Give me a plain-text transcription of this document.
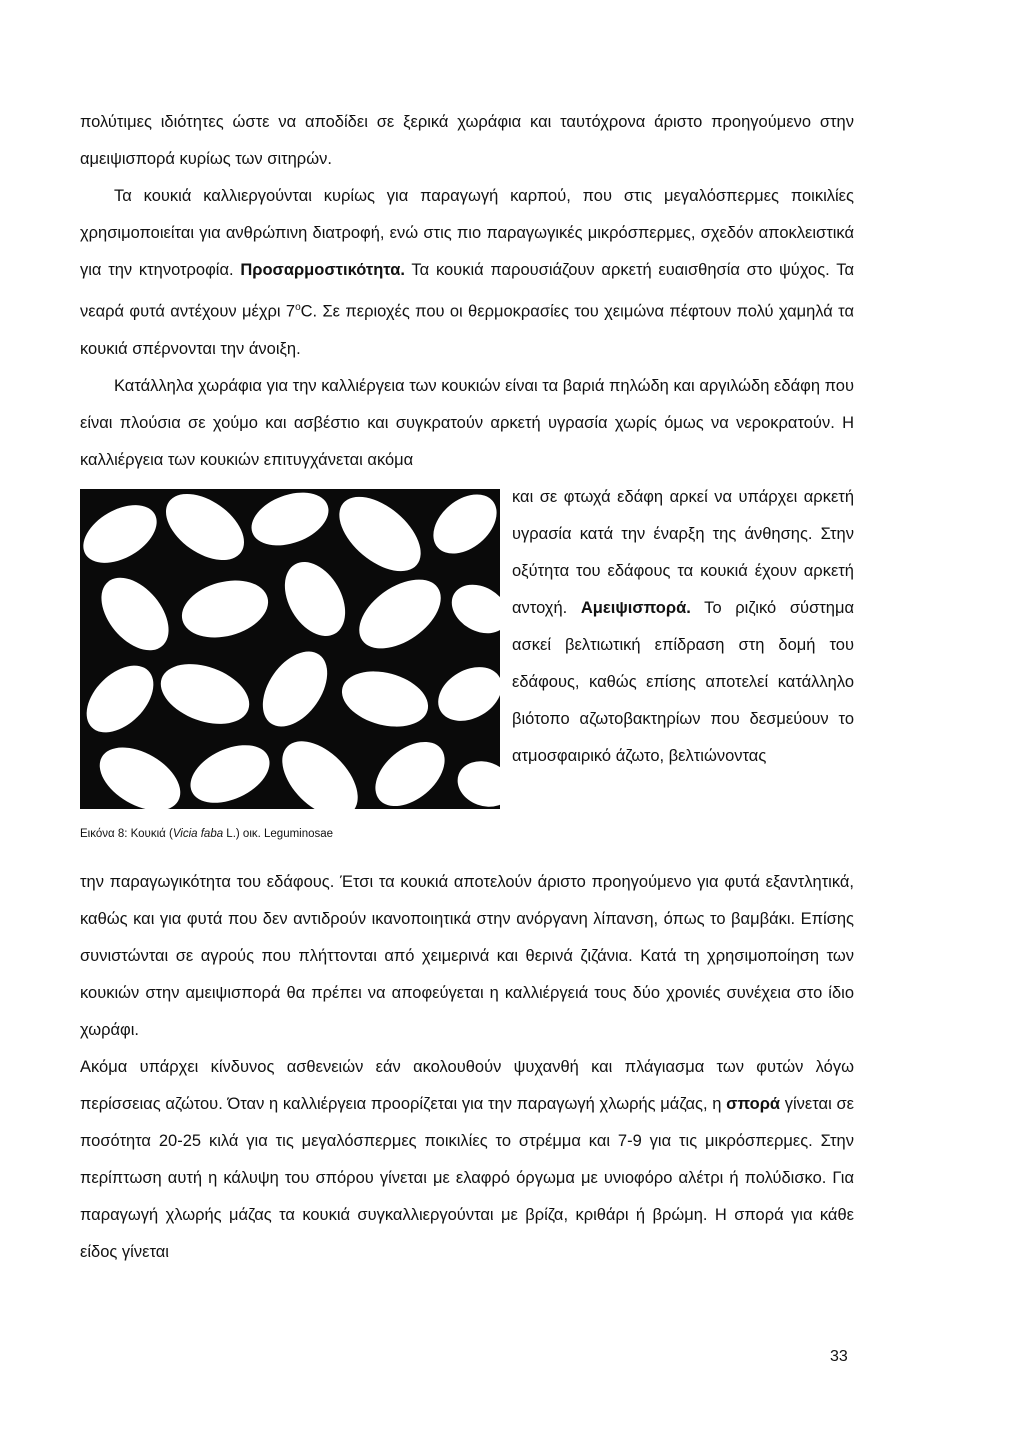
πολύτιμες ιδιότητες ώστε να αποδίδει σε ξερικά χωράφια και ταυτόχρονα άριστο προηγούμενο στην αμειψισπορά κυρίως των σιτηρών.

Τα κουκιά καλλιεργούνται κυρίως για παραγωγή καρπού, που στις μεγαλόσπερμες ποικιλίες χρησιμοποιείται για ανθρώπινη διατροφή, ενώ στις πιο παραγωγικές μικρόσπερμες, σχεδόν αποκλειστικά για την κτηνοτροφία. Προσαρμοστικότητα. Τα κουκιά παρουσιάζουν αρκετή ευαισθησία στο ψύχος. Τα νεαρά φυτά αντέχουν μέχρι 7$^o$C. Σε περιοχές που οι θερμοκρασίες του χειμώνα πέφτουν πολύ χαμηλά τα κουκιά σπέρνονται την άνοιξη.

Κατάλληλα χωράφια για την καλλιέργεια των κουκιών είναι τα βαριά πηλώδη και αργιλώδη εδάφη που είναι πλούσια σε χούμο και ασβέστιο και συγκρατούν αρκετή υγρασία χωρίς όμως να νεροκρατούν. Η καλλιέργεια των κουκιών επιτυγχάνεται ακόμα

Εικόνα 8: Κουκιά (Vicia faba L.) οικ. Leguminosae

και σε φτωχά εδάφη αρκεί να υπάρχει αρκετή υγρασία κατά την έναρξη της άνθησης. Στην οξύτητα του εδάφους τα κουκιά έχουν αρκετή αντοχή. Αμειψισπορά. Το ριζικό σύστημα ασκεί βελτιωτική επίδραση στη δομή του εδάφους, καθώς επίσης αποτελεί κατάλληλο βιότοπο αζωτοβακτηρίων που δεσμεύουν το ατμοσφαιρικό άζωτο, βελτιώνοντας

την παραγωγικότητα του εδάφους. Έτσι τα κουκιά αποτελούν άριστο προηγούμενο για φυτά εξαντλητικά, καθώς και για φυτά που δεν αντιδρούν ικανοποιητικά στην ανόργανη λίπανση, όπως το βαμβάκι. Επίσης συνιστώνται σε αγρούς που πλήττονται από χειμερινά και θερινά ζιζάνια. Κατά τη χρησιμοποίηση των κουκιών στην αμειψισπορά θα πρέπει να αποφεύγεται η καλλιέργειά τους δύο χρονιές συνέχεια στο ίδιο χωράφι.

Ακόμα υπάρχει κίνδυνος ασθενειών εάν ακολουθούν ψυχανθή και πλάγιασμα των φυτών λόγω περίσσειας αζώτου. Όταν η καλλιέργεια προορίζεται για την παραγωγή χλωρής μάζας, η σπορά γίνεται σε ποσότητα 20-25 κιλά για τις μεγαλόσπερμες ποικιλίες το στρέμμα και 7-9 για τις μικρόσπερμες. Στην περίπτωση αυτή η κάλυψη του σπόρου γίνεται με ελαφρό όργωμα με υνιοφόρο αλέτρι ή πολύδισκο. Για παραγωγή χλωρής μάζας τα κουκιά συγκαλλιεργούνται με βρίζα, κριθάρι ή βρώμη. Η σπορά για κάθε είδος γίνεται

33
